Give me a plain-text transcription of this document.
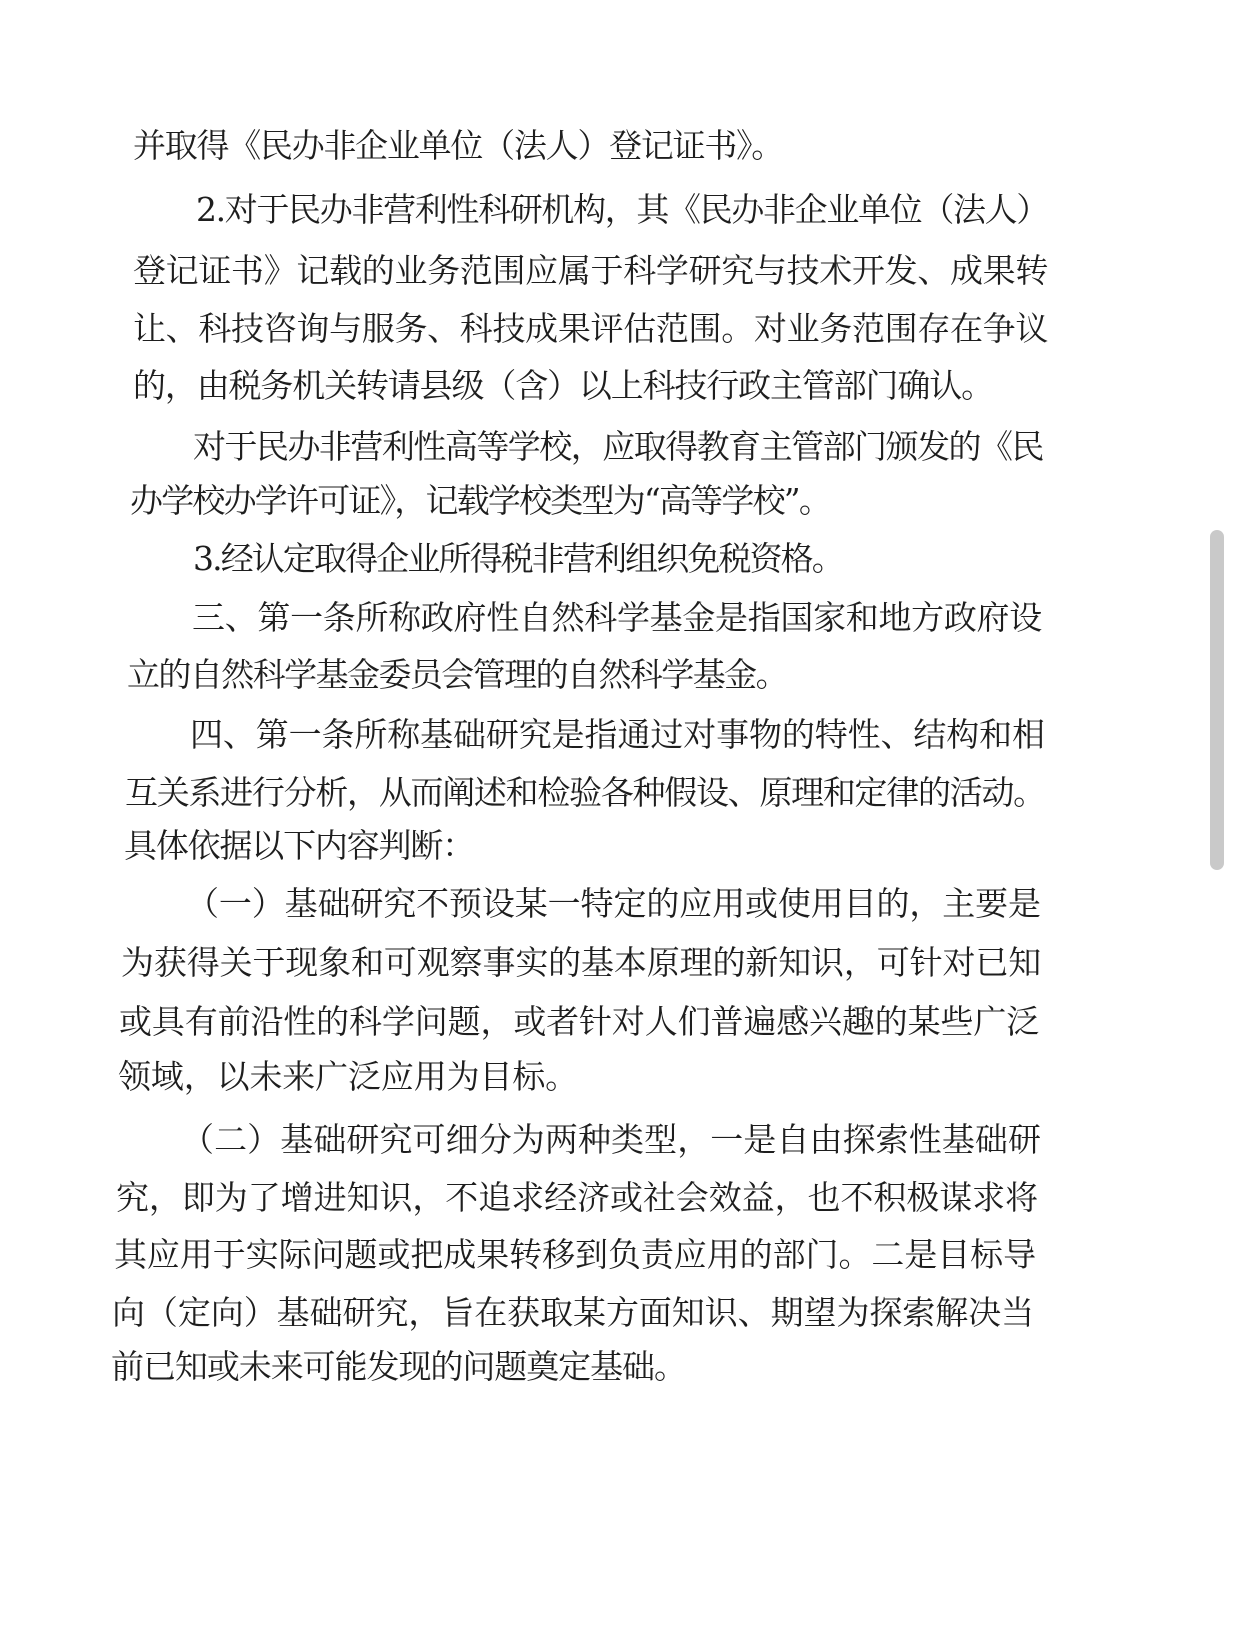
并取得《民办非企业单位（法人）登记证书》。
2.对于民办非营利性科研机构，其《民办非企业单位（法人）
登记证书》记载的业务范围应属于科学研究与技术开发、成果转
让、科技咨询与服务、科技成果评估范围。对业务范围存在争议
的，由税务机关转请县级（含）以上科技行政主管部门确认。
对于民办非营利性高等学校，应取得教育主管部门颁发的《民
办学校办学许可证》，记载学校类型为“高等学校”。
3.经认定取得企业所得税非营利组织免税资格。
三、第一条所称政府性自然科学基金是指国家和地方政府设
立的自然科学基金委员会管理的自然科学基金。
四、第一条所称基础研究是指通过对事物的特性、结构和相
互关系进行分析，从而阐述和检验各种假设、原理和定律的活动。
具体依据以下内容判断：
（一）基础研究不预设某一特定的应用或使用目的，主要是
为获得关于现象和可观察事实的基本原理的新知识，可针对已知
或具有前沿性的科学问题，或者针对人们普遍感兴趣的某些广泛
领域，以未来广泛应用为目标。
（二）基础研究可细分为两种类型，一是自由探索性基础研
究，即为了增进知识，不追求经济或社会效益，也不积极谋求将
其应用于实际问题或把成果转移到负责应用的部门。二是目标导
向（定向）基础研究，旨在获取某方面知识、期望为探索解决当
前已知或未来可能发现的问题奠定基础。
